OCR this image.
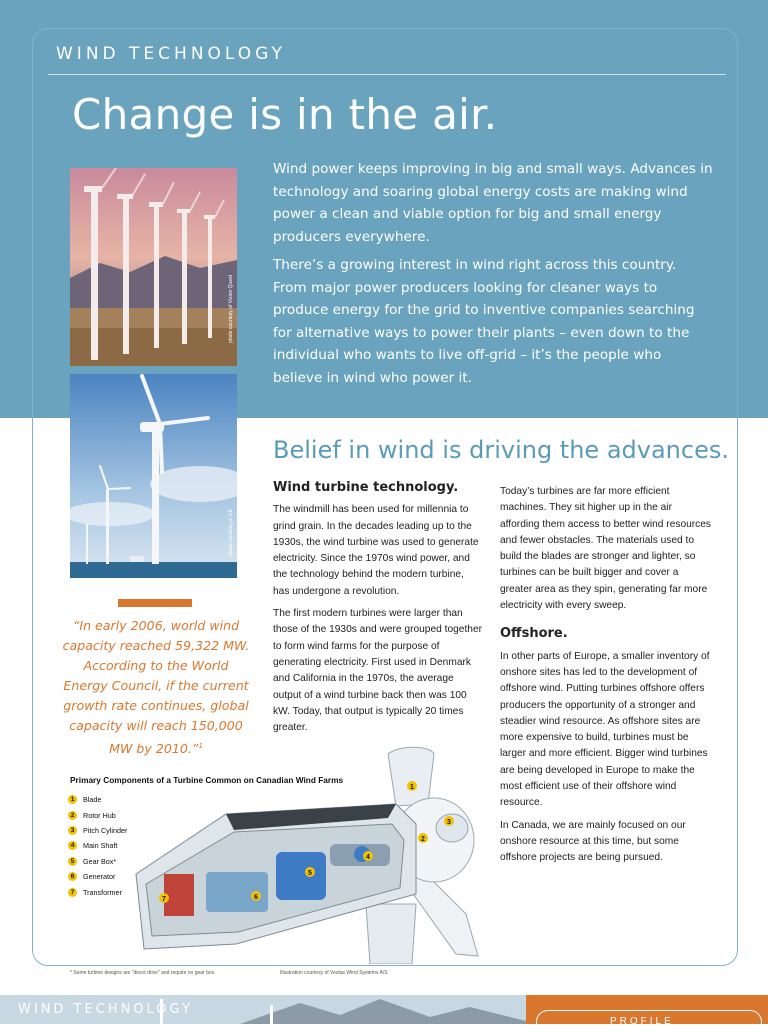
WIND TECHNOLOGY
Change is in the air.

Wind power keeps improving in big and small ways. Advances in technology and soaring global energy costs are making wind power a clean and viable option for big and small energy producers everywhere.

There’s a growing interest in wind right across this country. From major power producers looking for cleaner ways to produce energy for the grid to inventive companies searching for alternative ways to power their plants – even down to the individual who wants to live off-grid – it’s the people who believe in wind who power it.

photo courtesy of Vision Quest
photo courtesy of GE
Belief in wind is driving the advances.
Wind turbine technology.

The windmill has been used for millennia to grind grain. In the decades leading up to the 1930s, the wind turbine was used to generate electricity. Since the 1970s wind power, and the technology behind the modern turbine, has undergone a revolution.

The first modern turbines were larger than those of the 1930s and were grouped together to form wind farms for the purpose of generating electricity. First used in Denmark and California in the 1970s, the average output of a wind turbine back then was 100 kW. Today, that output is typically 20 times greater.

Today’s turbines are far more efficient machines. They sit higher up in the air affording them access to better wind resources and fewer obstacles. The materials used to build the blades are stronger and lighter, so turbines can be built bigger and cover a greater area as they spin, generating far more electricity with every sweep.

Offshore.

In other parts of Europe, a smaller inventory of onshore sites has led to the development of offshore wind. Putting turbines offshore offers producers the opportunity of a stronger and steadier wind resource. As offshore sites are more expensive to build, turbines must be larger and more efficient. Bigger wind turbines are being developed in Europe to make the most efficient use of their offshore wind resource.

In Canada, we are mainly focused on our onshore resource at this time, but some offshore projects are being pursued.

“In early 2006, world wind capacity reached 59,322 MW. According to the World Energy Council, if the current growth rate continues, global capacity will reach 150,000 MW by 2010.”$^1$
Primary Components of a Turbine Common on Canadian Wind Farms
1	Blade
2	Rotor Hub
3	Pitch Cylinder
4	Main Shaft
5	Gear Box*
6	Generator
7	Transformer
1
2
3
4
5
6
7
* Some turbine designs are "direct drive" and require no gear box.	Illustration courtesy of Vestas Wind Systems A/S
WIND TECHNOLOGY
PROFILE
